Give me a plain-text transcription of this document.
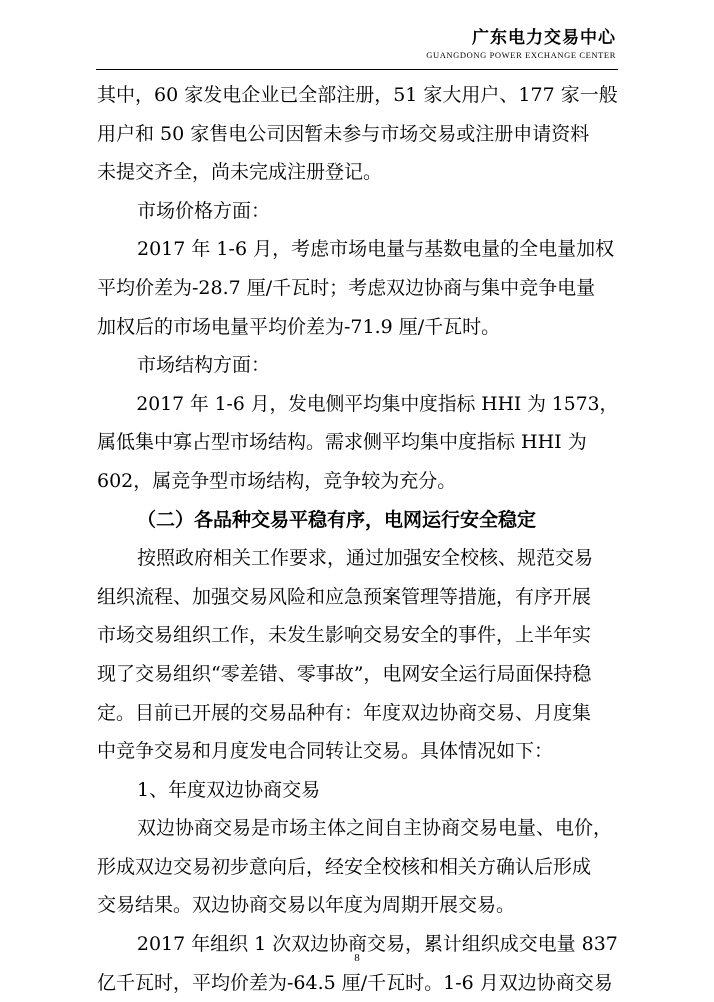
广东电力交易中心
GUANGDONG POWER EXCHANGE CENTER
其中，60 家发电企业已全部注册，51 家大用户、177 家一般
用户和 50 家售电公司因暂未参与市场交易或注册申请资料
未提交齐全，尚未完成注册登记。
市场价格方面：
2017 年 1-6 月，考虑市场电量与基数电量的全电量加权
平均价差为-28.7 厘/千瓦时；考虑双边协商与集中竞争电量
加权后的市场电量平均价差为-71.9 厘/千瓦时。
市场结构方面：
2017 年 1-6 月，发电侧平均集中度指标 HHI 为 1573，
属低集中寡占型市场结构。需求侧平均集中度指标 HHI 为
602，属竞争型市场结构，竞争较为充分。
（二）各品种交易平稳有序，电网运行安全稳定
按照政府相关工作要求，通过加强安全校核、规范交易
组织流程、加强交易风险和应急预案管理等措施，有序开展
市场交易组织工作，未发生影响交易安全的事件，上半年实
现了交易组织“零差错、零事故”，电网安全运行局面保持稳
定。目前已开展的交易品种有：年度双边协商交易、月度集
中竞争交易和月度发电合同转让交易。具体情况如下：
1、年度双边协商交易
双边协商交易是市场主体之间自主协商交易电量、电价，
形成双边交易初步意向后，经安全校核和相关方确认后形成
交易结果。双边协商交易以年度为周期开展交易。
2017 年组织 1 次双边协商交易，累计组织成交电量 837
亿千瓦时，平均价差为-64.5 厘/千瓦时。1-6 月双边协商交易
8
